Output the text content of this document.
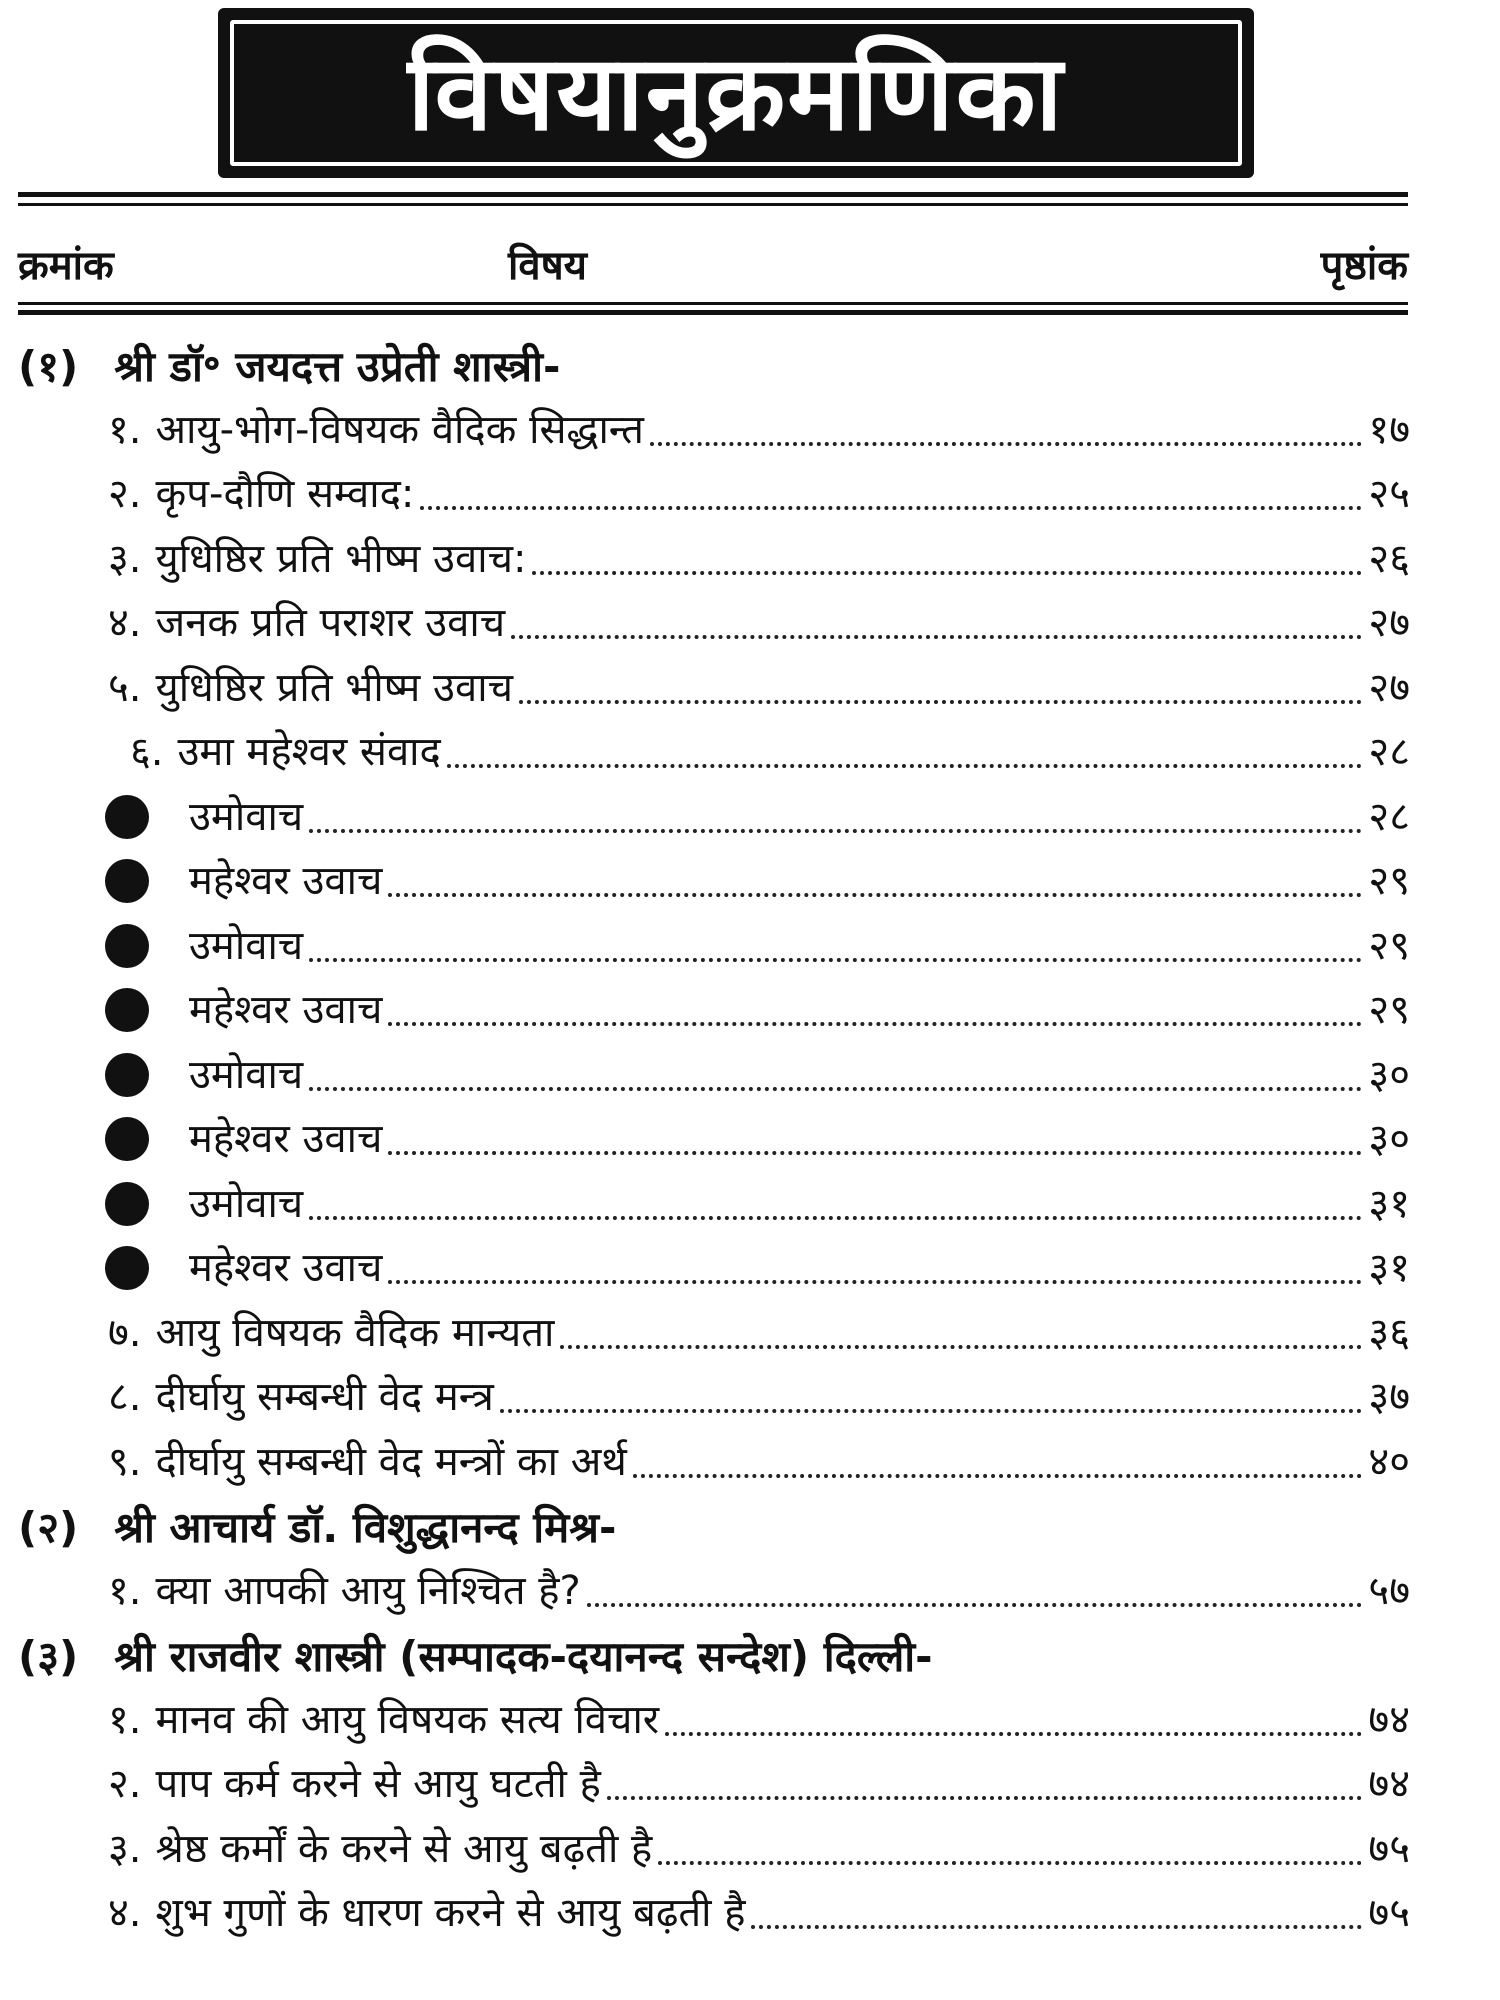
विषयानुक्रमणिका
क्रमांक	विषय	पृष्ठांक
(१) श्री डॉ॰ जयदत्त उप्रेती शास्त्री-
१. आयु-भोग-विषयक वैदिक सिद्धान्त	१७
२. कृप-दौणि सम्वाद:	२५
३. युधिष्ठिर प्रति भीष्म उवाच:	२६
४. जनक प्रति पराशर उवाच	२७
५. युधिष्ठिर प्रति भीष्म उवाच	२७
६. उमा महेश्वर संवाद	२८
उमोवाच	२८
महेश्वर उवाच	२९
उमोवाच	२९
महेश्वर उवाच	२९
उमोवाच	३०
महेश्वर उवाच	३०
उमोवाच	३१
महेश्वर उवाच	३१
७. आयु विषयक वैदिक मान्यता	३६
८. दीर्घायु सम्बन्धी वेद मन्त्र	३७
९. दीर्घायु सम्बन्धी वेद मन्त्रों का अर्थ	४०
(२) श्री आचार्य डॉ. विशुद्धानन्द मिश्र-
१. क्या आपकी आयु निश्चित है?	५७
(३) श्री राजवीर शास्त्री (सम्पादक-दयानन्द सन्देश) दिल्ली-
१. मानव की आयु विषयक सत्य विचार	७४
२. पाप कर्म करने से आयु घटती है	७४
३. श्रेष्ठ कर्मों के करने से आयु बढ़ती है	७५
४. शुभ गुणों के धारण करने से आयु बढ़ती है	७५
